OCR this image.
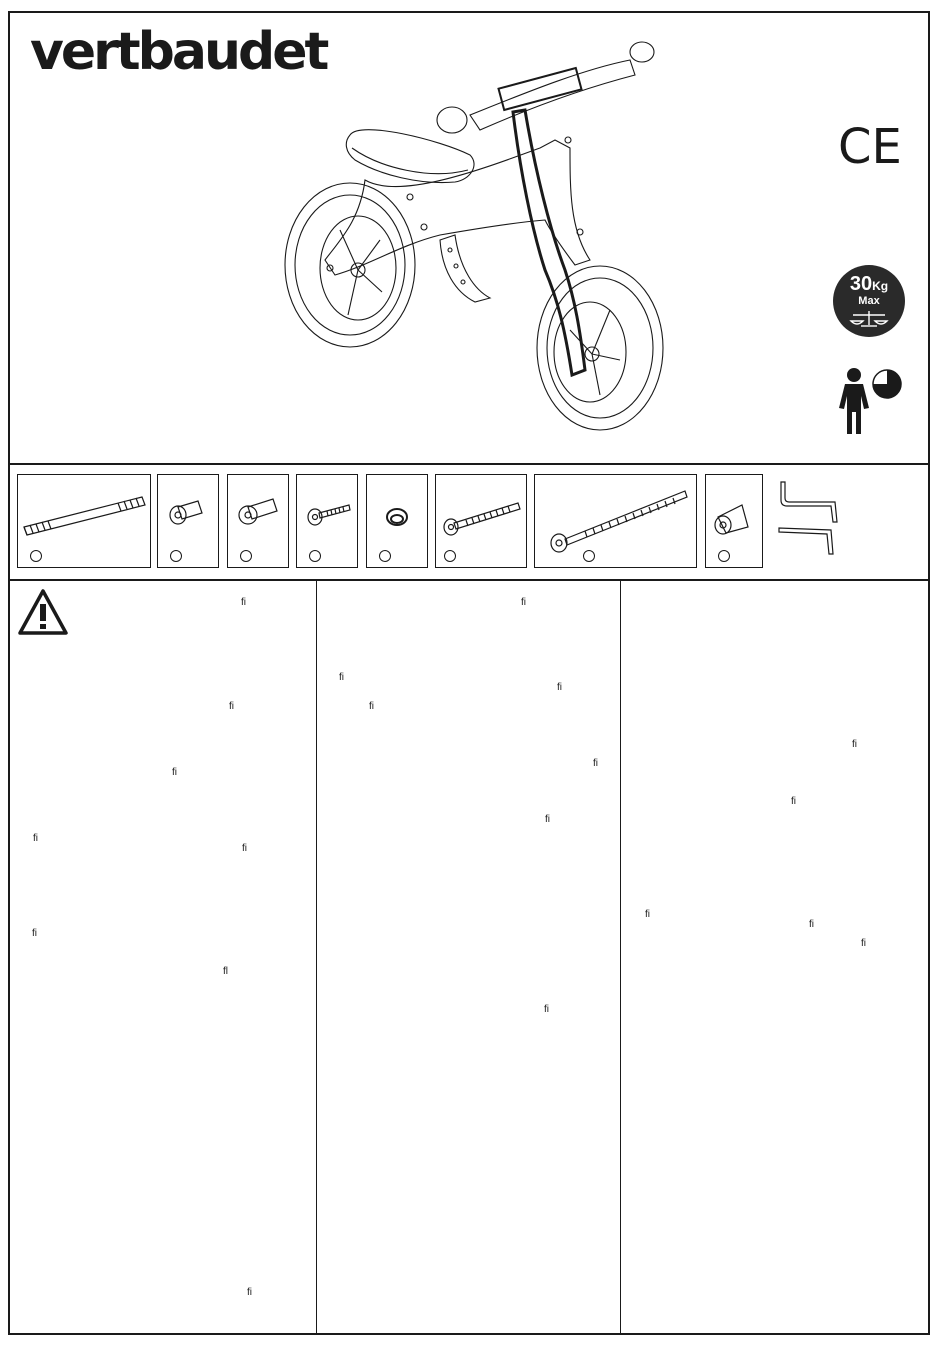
vertbaudet
CE
30Kg
Max
fi
fi
fi
fi
fi
fi
fl
fi
fi
fi
fi
fi
fi
fi
fi
fi
fi
fi
fi
fi
